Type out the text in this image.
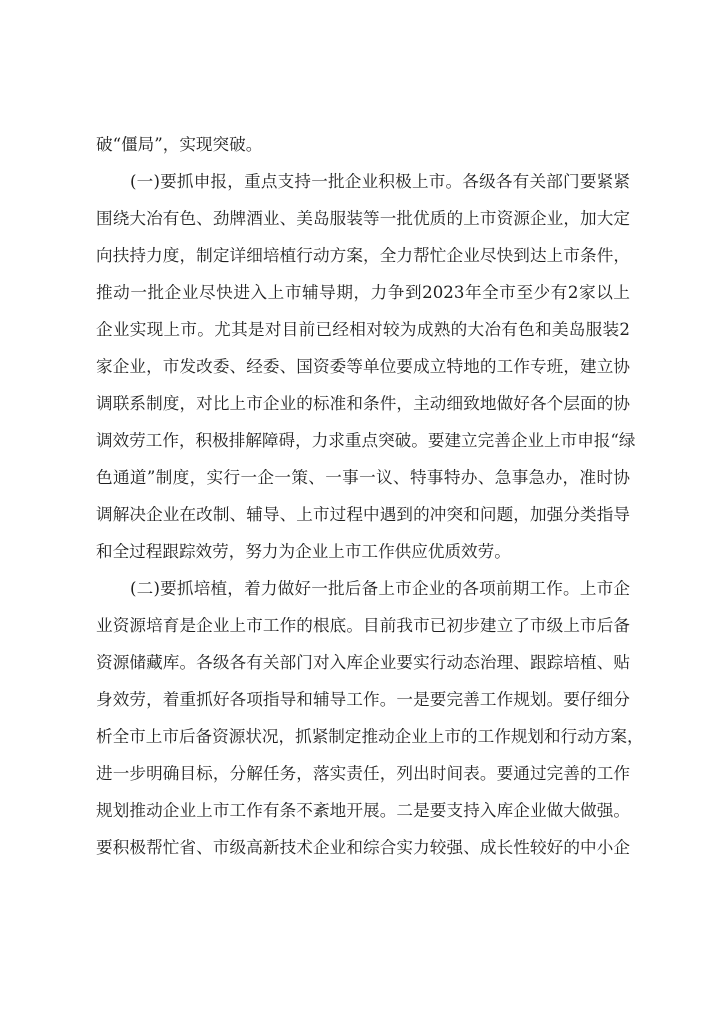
破“僵局”，实现突破。
(一)要抓申报，重点支持一批企业积极上市。各级各有关部门要紧紧
围绕大冶有色、劲牌酒业、美岛服装等一批优质的上市资源企业，加大定
向扶持力度，制定详细培植行动方案，全力帮忙企业尽快到达上市条件，
推动一批企业尽快进入上市辅导期，力争到2023年全市至少有2家以上
企业实现上市。尤其是对目前已经相对较为成熟的大冶有色和美岛服装2
家企业，市发改委、经委、国资委等单位要成立特地的工作专班，建立协
调联系制度，对比上市企业的标准和条件，主动细致地做好各个层面的协
调效劳工作，积极排解障碍，力求重点突破。要建立完善企业上市申报“绿
色通道”制度，实行一企一策、一事一议、特事特办、急事急办，准时协
调解决企业在改制、辅导、上市过程中遇到的冲突和问题，加强分类指导
和全过程跟踪效劳，努力为企业上市工作供应优质效劳。
(二)要抓培植，着力做好一批后备上市企业的各项前期工作。上市企
业资源培育是企业上市工作的根底。目前我市已初步建立了市级上市后备
资源储藏库。各级各有关部门对入库企业要实行动态治理、跟踪培植、贴
身效劳，着重抓好各项指导和辅导工作。一是要完善工作规划。要仔细分
析全市上市后备资源状况，抓紧制定推动企业上市的工作规划和行动方案，
进一步明确目标，分解任务，落实责任，列出时间表。要通过完善的工作
规划推动企业上市工作有条不紊地开展。二是要支持入库企业做大做强。
要积极帮忙省、市级高新技术企业和综合实力较强、成长性较好的中小企
